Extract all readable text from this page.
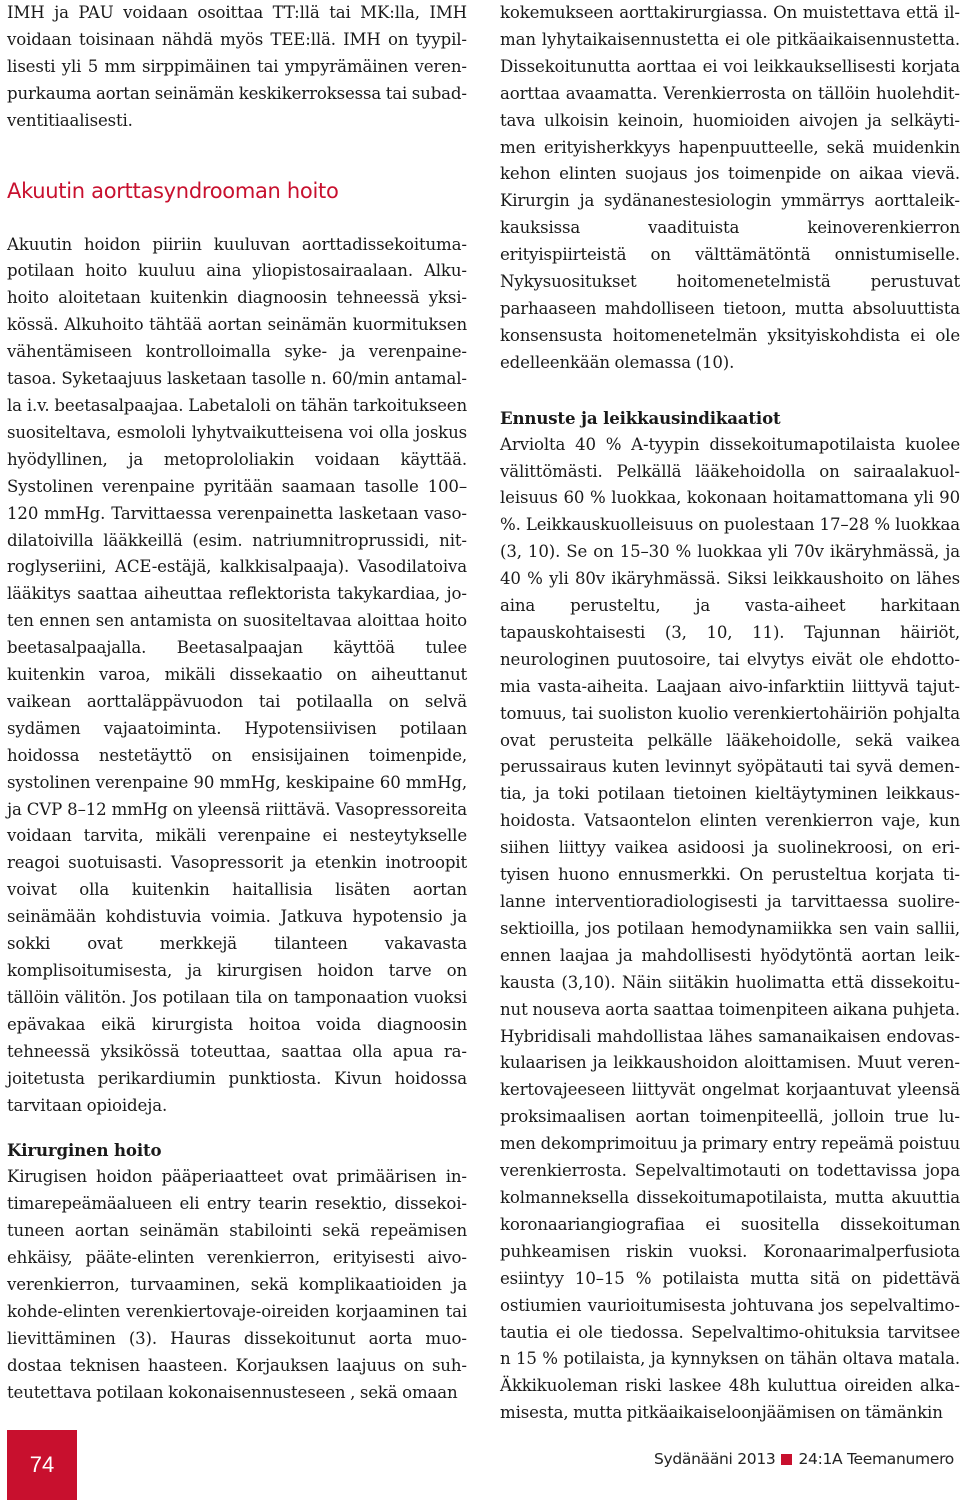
IMH ja PAU voidaan osoittaa TT:llä tai MK:lla, IMH voidaan toisinaan nähdä myös TEE:llä. IMH on tyypillisesti yli 5 mm sirppimäinen tai ympyrämäinen verenpurkauma aortan seinämän keskikerroksessa tai subadventitiaalisesti.

Akuutin aorttasyndrooman hoito

Akuutin hoidon piiriin kuuluvan aorttadissekoitumapotilaan hoito kuuluu aina yliopistosairaalaan. Alkuhoito aloitetaan kuitenkin diagnoosin tehneessä yksikössä. Alkuhoito tähtää aortan seinämän kuormituksen vähentämiseen kontrolloimalla syke- ja verenpainetasoa. Syketaajuus lasketaan tasolle n. 60/min antamalla i.v. beetasalpaajaa. Labetaloli on tähän tarkoitukseen suositeltava, esmololi lyhytvaikutteisena voi olla joskus hyödyllinen, ja metoprololiakin voidaan käyttää. Systolinen verenpaine pyritään saamaan tasolle 100–120 mmHg. Tarvittaessa verenpainetta lasketaan vasodilatoivilla lääkkeillä (esim. natriumnitroprussidi, nitroglyseriini, ACE-estäjä, kalkkisalpaaja). Vasodilatoiva lääkitys saattaa aiheuttaa reflektorista takykardiaa, joten ennen sen antamista on suositeltavaa aloittaa hoito beetasalpaajalla. Beetasalpaajan käyttöä tulee kuitenkin varoa, mikäli dissekaatio on aiheuttanut vaikean aorttaläppävuodon tai potilaalla on selvä sydämen vajaatoiminta. Hypotensiivisen potilaan hoidossa nestetäyttö on ensisijainen toimenpide, systolinen verenpaine 90 mmHg, keskipaine 60 mmHg, ja CVP 8–12 mmHg on yleensä riittävä. Vasopressoreita voidaan tarvita, mikäli verenpaine ei nesteytykselle reagoi suotuisasti. Vasopressorit ja etenkin inotroopit voivat olla kuitenkin haitallisia lisäten aortan seinämään kohdistuvia voimia. Jatkuva hypotensio ja sokki ovat merkkejä tilanteen vakavasta komplisoitumisesta, ja kirurgisen hoidon tarve on tällöin välitön. Jos potilaan tila on tamponaation vuoksi epävakaa eikä kirurgista hoitoa voida diagnoosin tehneessä yksikössä toteuttaa, saattaa olla apua rajoitetusta perikardiumin punktiosta. Kivun hoidossa tarvitaan opioideja.

Kirurginen hoito

Kirugisen hoidon pääperiaatteet ovat primäärisen intimarepeämäalueen eli entry tearin resektio, dissekoituneen aortan seinämän stabilointi sekä repeämisen ehkäisy, pääte-elinten verenkierron, erityisesti aivoverenkierron, turvaaminen, sekä komplikaatioiden ja kohde-elinten verenkiertovaje-oireiden korjaaminen tai lievittäminen (3). Hauras dissekoitunut aorta muodostaa teknisen haasteen. Korjauksen laajuus on suhteutettava potilaan kokonaisennusteseen , sekä omaan

kokemukseen aorttakirurgiassa. On muistettava että ilman lyhytaikaisennustetta ei ole pitkäaikaisennustetta. Dissekoitunutta aorttaa ei voi leikkauksellisesti korjata aorttaa avaamatta. Verenkierrosta on tällöin huolehdittava ulkoisin keinoin, huomioiden aivojen ja selkäytimen erityisherkkyys hapenpuutteelle, sekä muidenkin kehon elinten suojaus jos toimenpide on aikaa vievä. Kirurgin ja sydänanestesiologin ymmärrys aorttaleikkauksissa vaadituista keinoverenkierron erityispiirteistä on välttämätöntä onnistumiselle. Nykysuositukset hoitomenetelmistä perustuvat parhaaseen mahdolliseen tietoon, mutta absoluuttista konsensusta hoitomenetelmän yksityiskohdista ei ole edelleenkään olemassa (10).

Ennuste ja leikkausindikaatiot

Arviolta 40 % A-tyypin dissekoitumapotilaista kuolee välittömästi. Pelkällä lääkehoidolla on sairaalakuolleisuus 60 % luokkaa, kokonaan hoitamattomana yli 90 %. Leikkauskuolleisuus on puolestaan 17–28 % luokkaa (3, 10). Se on 15–30 % luokkaa yli 70v ikäryhmässä, ja 40 % yli 80v ikäryhmässä. Siksi leikkaushoito on lähes aina perusteltu, ja vasta-aiheet harkitaan tapauskohtaisesti (3, 10, 11). Tajunnan häiriöt, neurologinen puutosoire, tai elvytys eivät ole ehdottomia vasta-aiheita. Laajaan aivo-infarktiin liittyvä tajuttomuus, tai suoliston kuolio verenkiertohäiriön pohjalta ovat perusteita pelkälle lääkehoidolle, sekä vaikea perussairaus kuten levinnyt syöpätauti tai syvä dementia, ja toki potilaan tietoinen kieltäytyminen leikkaushoidosta. Vatsaontelon elinten verenkierron vaje, kun siihen liittyy vaikea asidoosi ja suolinekroosi, on erityisen huono ennusmerkki. On perusteltua korjata tilanne interventioradiologisesti ja tarvittaessa suoliresektioilla, jos potilaan hemodynamiikka sen vain sallii, ennen laajaa ja mahdollisesti hyödytöntä aortan leikkausta (3,10). Näin siitäkin huolimatta että dissekoitunut nouseva aorta saattaa toimenpiteen aikana puhjeta. Hybridisali mahdollistaa lähes samanaikaisen endovaskulaarisen ja leikkaushoidon aloittamisen. Muut verenkertovajeeseen liittyvät ongelmat korjaantuvat yleensä proksimaalisen aortan toimenpiteellä, jolloin true lumen dekomprimoituu ja primary entry repeämä poistuu verenkierrosta. Sepelvaltimotauti on todettavissa jopa kolmanneksella dissekoitumapotilaista, mutta akuuttia koronaariangiografiaa ei suositella dissekoituman puhkeamisen riskin vuoksi. Koronaarimalperfusiota esiintyy 10–15 % potilaista mutta sitä on pidettävä ostiumien vaurioitumisesta johtuvana jos sepelvaltimotautia ei ole tiedossa. Sepelvaltimo-ohituksia tarvitsee n 15 % potilaista, ja kynnyksen on tähän oltava matala. Äkkikuoleman riski laskee 48h kuluttua oireiden alkamisesta, mutta pitkäaikaiseloonjäämisen on tämänkin

74	Sydänääni 2013 24:1A Teemanumero
